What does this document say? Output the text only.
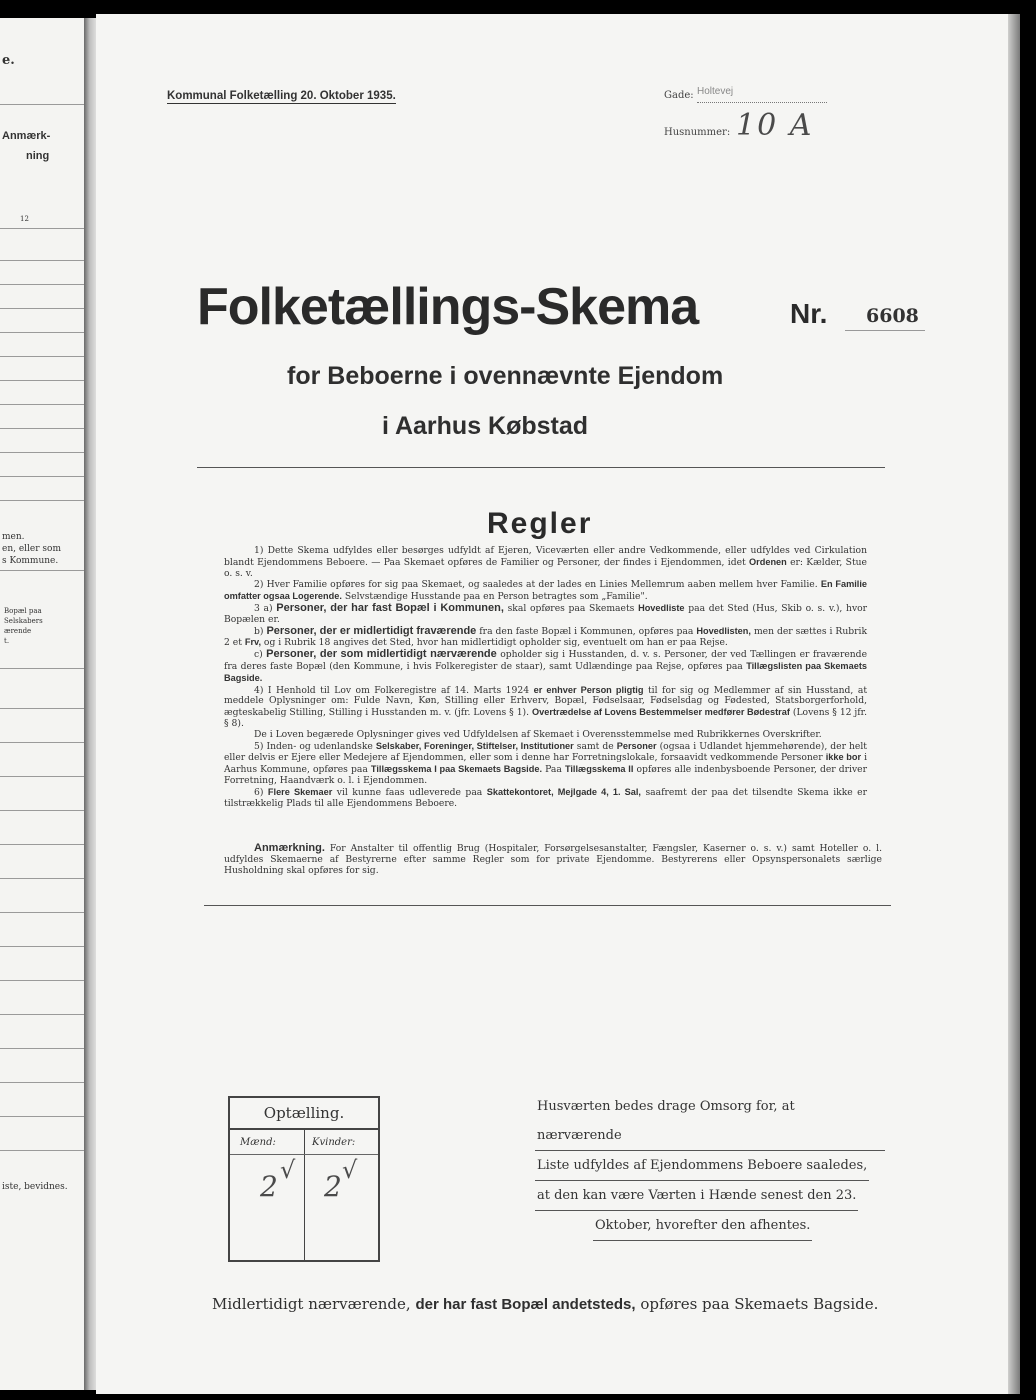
e.
Anmærk-
ning
12
men.
en, eller som
s Kommune.
Bopæl paa
Selskabers
ærende
t.
iste, bevidnes.
Kommunal Folketælling 20. Oktober 1935.	Gade: Holtevej
Husnummer: 10 A
Folketællings-Skema	Nr. 6608
for Beboerne i ovennævnte Ejendom
i Aarhus Købstad
Regler

1) Dette Skema udfyldes eller besørges udfyldt af Ejeren, Viceværten eller andre Vedkommende, eller udfyldes ved Cirkulation blandt Ejendommens Beboere. — Paa Skemaet opføres de Familier og Personer, der findes i Ejendommen, idet Ordenen er: Kælder, Stue o. s. v.

2) Hver Familie opføres for sig paa Skemaet, og saaledes at der lades en Linies Mellemrum aaben mellem hver Familie. En Familie omfatter ogsaa Logerende. Selvstændige Husstande paa en Person betragtes som „Familie".

3 a) Personer, der har fast Bopæl i Kommunen, skal opføres paa Skemaets Hovedliste paa det Sted (Hus, Skib o. s. v.), hvor Bopælen er.

b) Personer, der er midlertidigt fraværende fra den faste Bopæl i Kommunen, opføres paa Hovedlisten, men der sættes i Rubrik 2 et Frv, og i Rubrik 18 angives det Sted, hvor han midlertidigt opholder sig, eventuelt om han er paa Rejse.

c) Personer, der som midlertidigt nærværende opholder sig i Husstanden, d. v. s. Personer, der ved Tællingen er fraværende fra deres faste Bopæl (den Kommune, i hvis Folkeregister de staar), samt Udlændinge paa Rejse, opføres paa Tillægslisten paa Skemaets Bagside.

4) I Henhold til Lov om Folkeregistre af 14. Marts 1924 er enhver Person pligtig til for sig og Medlemmer af sin Husstand, at meddele Oplysninger om: Fulde Navn, Køn, Stilling eller Erhverv, Bopæl, Fødselsaar, Fødselsdag og Fødested, Statsborgerforhold, ægteskabelig Stilling, Stilling i Husstanden m. v. (jfr. Lovens § 1). Overtrædelse af Lovens Bestemmelser medfører Bødestraf (Lovens § 12 jfr. § 8).

De i Loven begærede Oplysninger gives ved Udfyldelsen af Skemaet i Overensstemmelse med Rubrikkernes Overskrifter.

5) Inden- og udenlandske Selskaber, Foreninger, Stiftelser, Institutioner samt de Personer (ogsaa i Udlandet hjemmehørende), der helt eller delvis er Ejere eller Medejere af Ejendommen, eller som i denne har Forretningslokale, forsaavidt vedkommende Personer ikke bor i Aarhus Kommune, opføres paa Tillægsskema I paa Skemaets Bagside. Paa Tillægsskema II opføres alle indenbysboende Personer, der driver Forretning, Haandværk o. l. i Ejendommen.

6) Flere Skemaer vil kunne faas udleverede paa Skattekontoret, Mejlgade 4, 1. Sal, saafremt der paa det tilsendte Skema ikke er tilstrækkelig Plads til alle Ejendommens Beboere.

Anmærkning. For Anstalter til offentlig Brug (Hospitaler, Forsørgelsesanstalter, Fængsler, Kaserner o. s. v.) samt Hoteller o. l. udfyldes Skemaerne af Bestyrerne efter samme Regler som for private Ejendomme. Bestyrerens eller Opsynspersonalets særlige Husholdning skal opføres for sig.

Optælling.
Mænd:	Kvinder:
2 √ 2 √
Husværten bedes drage Omsorg for, at nærværende
Liste udfyldes af Ejendommens Beboere saaledes,
at den kan være Værten i Hænde senest den 23.
Oktober, hvorefter den afhentes.
Midlertidigt nærværende, der har fast Bopæl andetsteds, opføres paa Skemaets Bagside.
